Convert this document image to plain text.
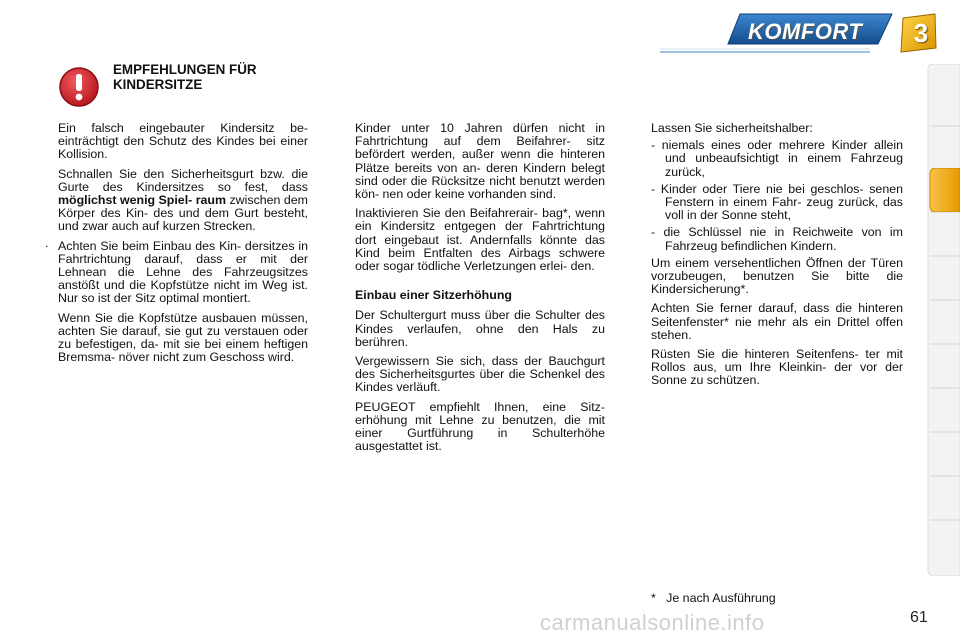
KOMFORT	3
EMPFEHLUNGEN FÜR
KINDERSITZE
.

Ein falsch eingebauter Kindersitz be- einträchtigt den Schutz des Kindes bei einer Kollision.

Schnallen Sie den Sicherheitsgurt bzw. die Gurte des Kindersitzes so fest, dass möglichst wenig Spiel- raum zwischen dem Körper des Kin- des und dem Gurt besteht, und zwar auch auf kurzen Strecken.

Achten Sie beim Einbau des Kin- dersitzes in Fahrtrichtung darauf, dass er mit der Lehnean die Lehne des Fahrzeugsitzes anstößt und die Kopfstütze nicht im Weg ist. Nur so ist der Sitz optimal montiert.

Wenn Sie die Kopfstütze ausbauen müssen, achten Sie darauf, sie gut zu verstauen oder zu befestigen, da- mit sie bei einem heftigen Bremsma- növer nicht zum Geschoss wird.

Kinder unter 10 Jahren dürfen nicht in Fahrtrichtung auf dem Beifahrer- sitz befördert werden, außer wenn die hinteren Plätze bereits von an- deren Kindern belegt sind oder die Rücksitze nicht benutzt werden kön- nen oder keine vorhanden sind.

Inaktivieren Sie den Beifahrerair- bag*, wenn ein Kindersitz entgegen der Fahrtrichtung dort eingebaut ist. Andernfalls könnte das Kind beim Entfalten des Airbags schwere oder sogar tödliche Verletzungen erlei- den.

Einbau einer Sitzerhöhung

Der Schultergurt muss über die Schulter des Kindes verlaufen, ohne den Hals zu berühren.

Vergewissern Sie sich, dass der Bauchgurt des Sicherheitsgurtes über die Schenkel des Kindes verläuft.

PEUGEOT empfiehlt Ihnen, eine Sitz- erhöhung mit Lehne zu benutzen, die mit einer Gurtführung in Schulterhöhe ausgestattet ist.

Lassen Sie sicherheitshalber:

- niemals eines oder mehrere Kinder allein und unbeaufsichtigt in einem Fahrzeug zurück,

- Kinder oder Tiere nie bei geschlos- senen Fenstern in einem Fahr- zeug zurück, das voll in der Sonne steht,

- die Schlüssel nie in Reichweite von im Fahrzeug befindlichen Kindern.

Um einem versehentlichen Öffnen der Türen vorzubeugen, benutzen Sie bitte die Kindersicherung*.

Achten Sie ferner darauf, dass die hinteren Seitenfenster* nie mehr als ein Drittel offen stehen.

Rüsten Sie die hinteren Seitenfens- ter mit Rollos aus, um Ihre Kleinkin- der vor der Sonne zu schützen.

*   Je nach Ausführung
carmanualsonline.info	61
